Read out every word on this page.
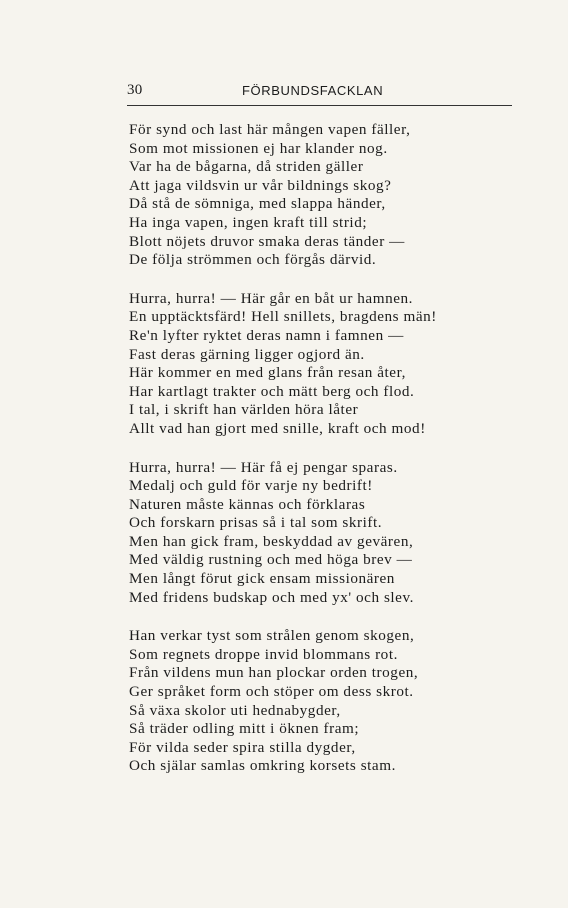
30	FÖRBUNDSFACKLAN
För synd och last här mången vapen fäller,
Som mot missionen ej har klander nog.
Var ha de bågarna, då striden gäller
Att jaga vildsvin ur vår bildnings skog?
Då stå de sömniga, med slappa händer,
Ha inga vapen, ingen kraft till strid;
Blott nöjets druvor smaka deras tänder —
De följa strömmen och förgås därvid.
Hurra, hurra! — Här går en båt ur hamnen.
En upptäcktsfärd! Hell snillets, bragdens män!
Re'n lyfter ryktet deras namn i famnen —
Fast deras gärning ligger ogjord än.
Här kommer en med glans från resan åter,
Har kartlagt trakter och mätt berg och flod.
I tal, i skrift han världen höra låter
Allt vad han gjort med snille, kraft och mod!
Hurra, hurra! — Här få ej pengar sparas.
Medalj och guld för varje ny bedrift!
Naturen måste kännas och förklaras
Och forskarn prisas så i tal som skrift.
Men han gick fram, beskyddad av gevären,
Med väldig rustning och med höga brev —
Men långt förut gick ensam missionären
Med fridens budskap och med yx' och slev.
Han verkar tyst som strålen genom skogen,
Som regnets droppe invid blommans rot.
Från vildens mun han plockar orden trogen,
Ger språket form och stöper om dess skrot.
Så växa skolor uti hednabygder,
Så träder odling mitt i öknen fram;
För vilda seder spira stilla dygder,
Och själar samlas omkring korsets stam.
